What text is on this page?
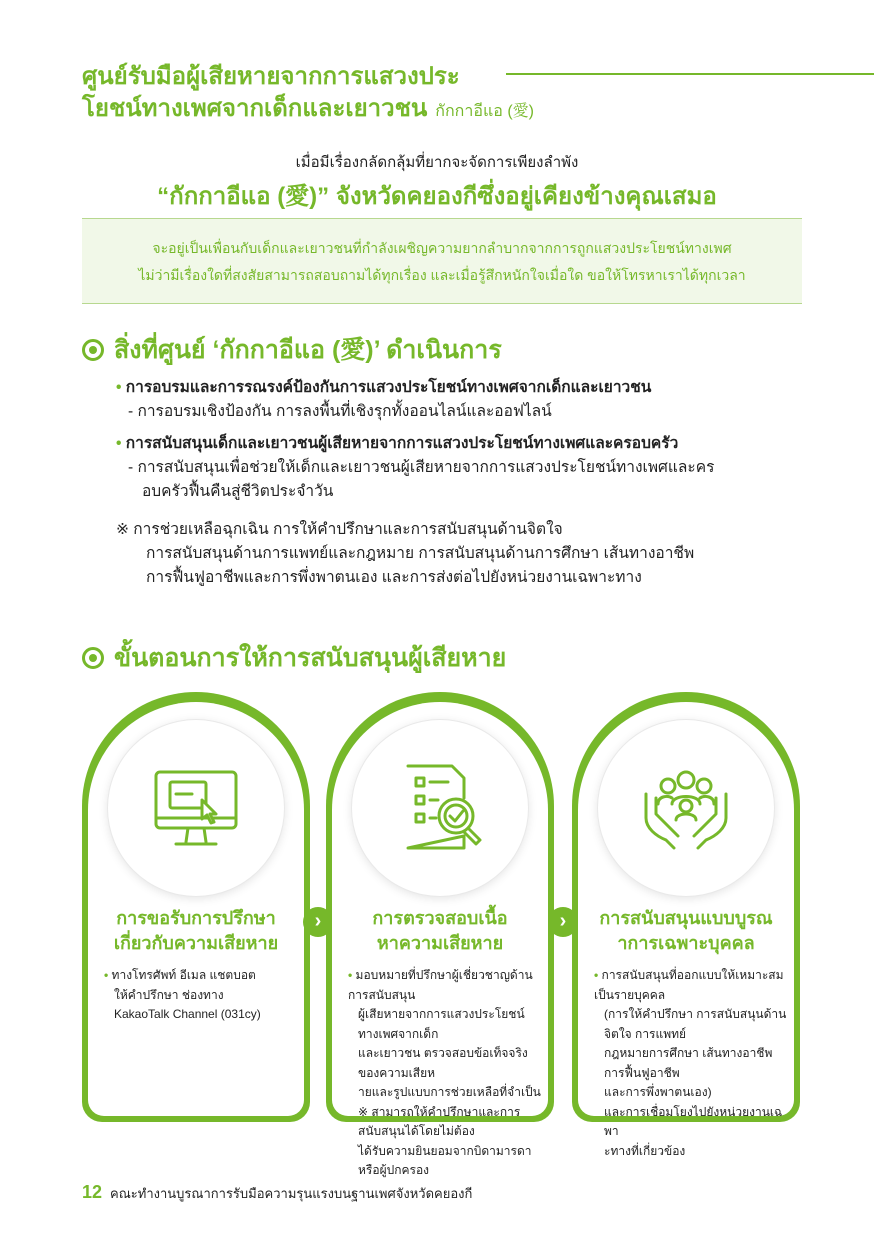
ศูนย์รับมือผู้เสียหายจากการแสวงประ
โยชน์ทางเพศจากเด็กและเยาวชน กักกาอีแอ (愛)
เมื่อมีเรื่องกลัดกลุ้มที่ยากจะจัดการเพียงลำพัง
“กักกาอีแอ (愛)” จังหวัดคยองกีซึ่งอยู่เคียงข้างคุณเสมอ
จะอยู่เป็นเพื่อนกับเด็กและเยาวชนที่กำลังเผชิญความยากลำบากจากการถูกแสวงประโยชน์ทางเพศ
ไม่ว่ามีเรื่องใดที่สงสัยสามารถสอบถามได้ทุกเรื่อง และเมื่อรู้สึกหนักใจเมื่อใด ขอให้โทรหาเราได้ทุกเวลา
สิ่งที่ศูนย์ ‘กักกาอีแอ (愛)’ ดำเนินการ
• การอบรมและการรณรงค์ป้องกันการแสวงประโยชน์ทางเพศจากเด็กและเยาวชน
- การอบรมเชิงป้องกัน การลงพื้นที่เชิงรุกทั้งออนไลน์และออฟไลน์
• การสนับสนุนเด็กและเยาวชนผู้เสียหายจากการแสวงประโยชน์ทางเพศและครอบครัว
- การสนับสนุนเพื่อช่วยให้เด็กและเยาวชนผู้เสียหายจากการแสวงประโยชน์ทางเพศและคร
อบครัวฟื้นคืนสู่ชีวิตประจำวัน
※ การช่วยเหลือฉุกเฉิน การให้คำปรึกษาและการสนับสนุนด้านจิตใจ
การสนับสนุนด้านการแพทย์และกฎหมาย การสนับสนุนด้านการศึกษา เส้นทางอาชีพ
การฟื้นฟูอาชีพและการพึ่งพาตนเอง และการส่งต่อไปยังหน่วยงานเฉพาะทาง
ขั้นตอนการให้การสนับสนุนผู้เสียหาย
การขอรับการปรึกษา
เกี่ยวกับความเสียหาย
• ทางโทรศัพท์ อีเมล แชตบอต
ให้คำปรึกษา ช่องทาง
KakaoTalk Channel (031cy)
›	การตรวจสอบเนื้อ
หาความเสียหาย
• มอบหมายที่ปรึกษาผู้เชี่ยวชาญด้านการสนับสนุน
ผู้เสียหายจากการแสวงประโยชน์ทางเพศจากเด็ก
และเยาวชน ตรวจสอบข้อเท็จจริงของความเสียห
ายและรูปแบบการช่วยเหลือที่จำเป็น
※ สามารถให้คำปรึกษาและการสนับสนุนได้โดยไม่ต้อง
ได้รับความยินยอมจากบิดามารดาหรือผู้ปกครอง
›	การสนับสนุนแบบบูรณ
าการเฉพาะบุคคล
• การสนับสนุนที่ออกแบบให้เหมาะสมเป็นรายบุคคล
(การให้คำปรึกษา การสนับสนุนด้านจิตใจ การแพทย์
กฎหมายการศึกษา เส้นทางอาชีพ การฟื้นฟูอาชีพ
และการพึ่งพาตนเอง)
และการเชื่อมโยงไปยังหน่วยงานเฉพา
ะทางที่เกี่ยวข้อง
12 คณะทำงานบูรณาการรับมือความรุนแรงบนฐานเพศจังหวัดคยองกี
